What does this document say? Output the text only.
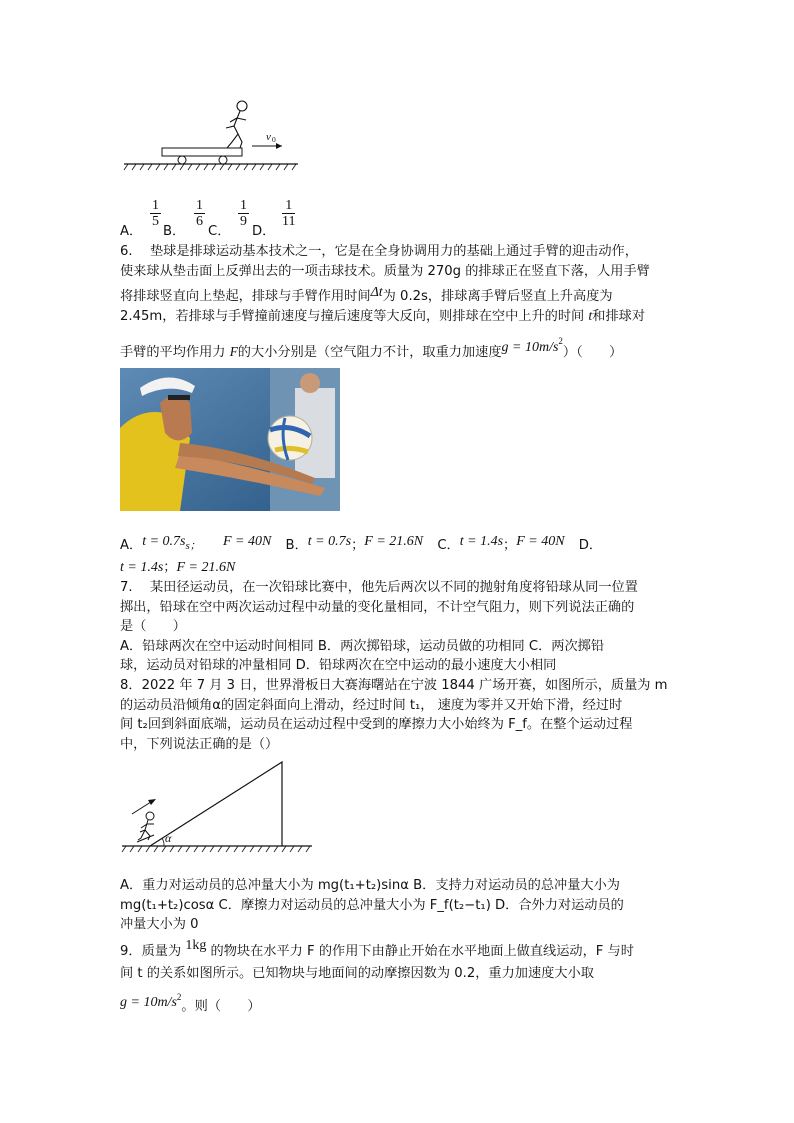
v 0
A．
1
5
B．
1
6
C．
1
9
D．
1
11
6.　 垫球是排球运动基本技术之一，它是在全身协调用力的基础上通过手臂的迎击动作，
使来球从垫击面上反弹出去的一项击球技术。质量为 270g 的排球正在竖直下落，人用手臂
将排球竖直向上垫起，排球与手臂作用时间Δt为 0.2s，排球离手臂后竖直上升高度为
2.45m，若排球与手臂撞前速度与撞后速度等大反向，则排球在空中上升的时间 t和排球对
手臂的平均作用力 F的大小分别是（空气阻力不计，取重力加速度$g = 10m/s^2$）（　　）
A．t = 0.7ss； F = 40N B．t = 0.7s；F = 21.6N C．t = 1.4s；F = 40N D．
t = 1.4s；F = 21.6N
7.　 某田径运动员，在一次铅球比赛中，他先后两次以不同的抛射角度将铅球从同一位置
掷出，铅球在空中两次运动过程中动量的变化量相同，不计空气阻力，则下列说法正确的
是（　　）
A．铅球两次在空中运动时间相同 B．两次掷铅球，运动员做的功相同 C．两次掷铅
球，运动员对铅球的冲量相同 D．铅球两次在空中运动的最小速度大小相同
8．2022 年 7 月 3 日，世界滑板日大赛海曙站在宁波 1844 广场开赛，如图所示，质量为 m
的运动员沿倾角α的固定斜面向上滑动，经过时间 t₁， 速度为零并又开始下滑，经过时
间 t₂回到斜面底端，运动员在运动过程中受到的摩擦力大小始终为 F_f。在整个运动过程
中，下列说法正确的是（）
α
A．重力对运动员的总冲量大小为 mg(t₁+t₂)sinα B．支持力对运动员的总冲量大小为
mg(t₁+t₂)cosα C．摩擦力对运动员的总冲量大小为 F_f(t₂−t₁) D．合外力对运动员的
冲量大小为 0
9．质量为 1kg 的物块在水平力 F 的作用下由静止开始在水平地面上做直线运动，F 与时
间 t 的关系如图所示。已知物块与地面间的动摩擦因数为 0.2，重力加速度大小取
$g = 10m/s^2$。则（　　）
